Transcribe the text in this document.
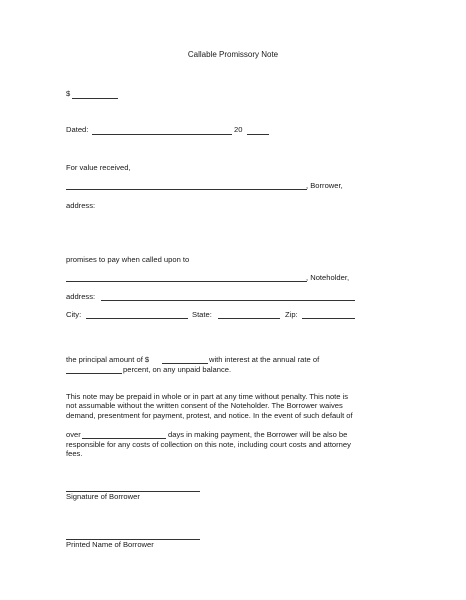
Callable Promissory Note
$
Dated:	20
For value received,
, Borrower,
address:
promises to pay when called upon to
, Noteholder,
address:
City:	State:	Zip:
the principal amount of $	with interest at the annual rate of
percent, on any unpaid balance.
This note may be prepaid in whole or in part at any time without penalty. This note is
not assumable without the written consent of the Noteholder. The Borrower waives
demand, presentment for payment, protest, and notice. In the event of such default of
over	days in making payment, the Borrower will be also be
responsible for any costs of collection on this note, including court costs and attorney
fees.
Signature of Borrower
Printed Name of Borrower
